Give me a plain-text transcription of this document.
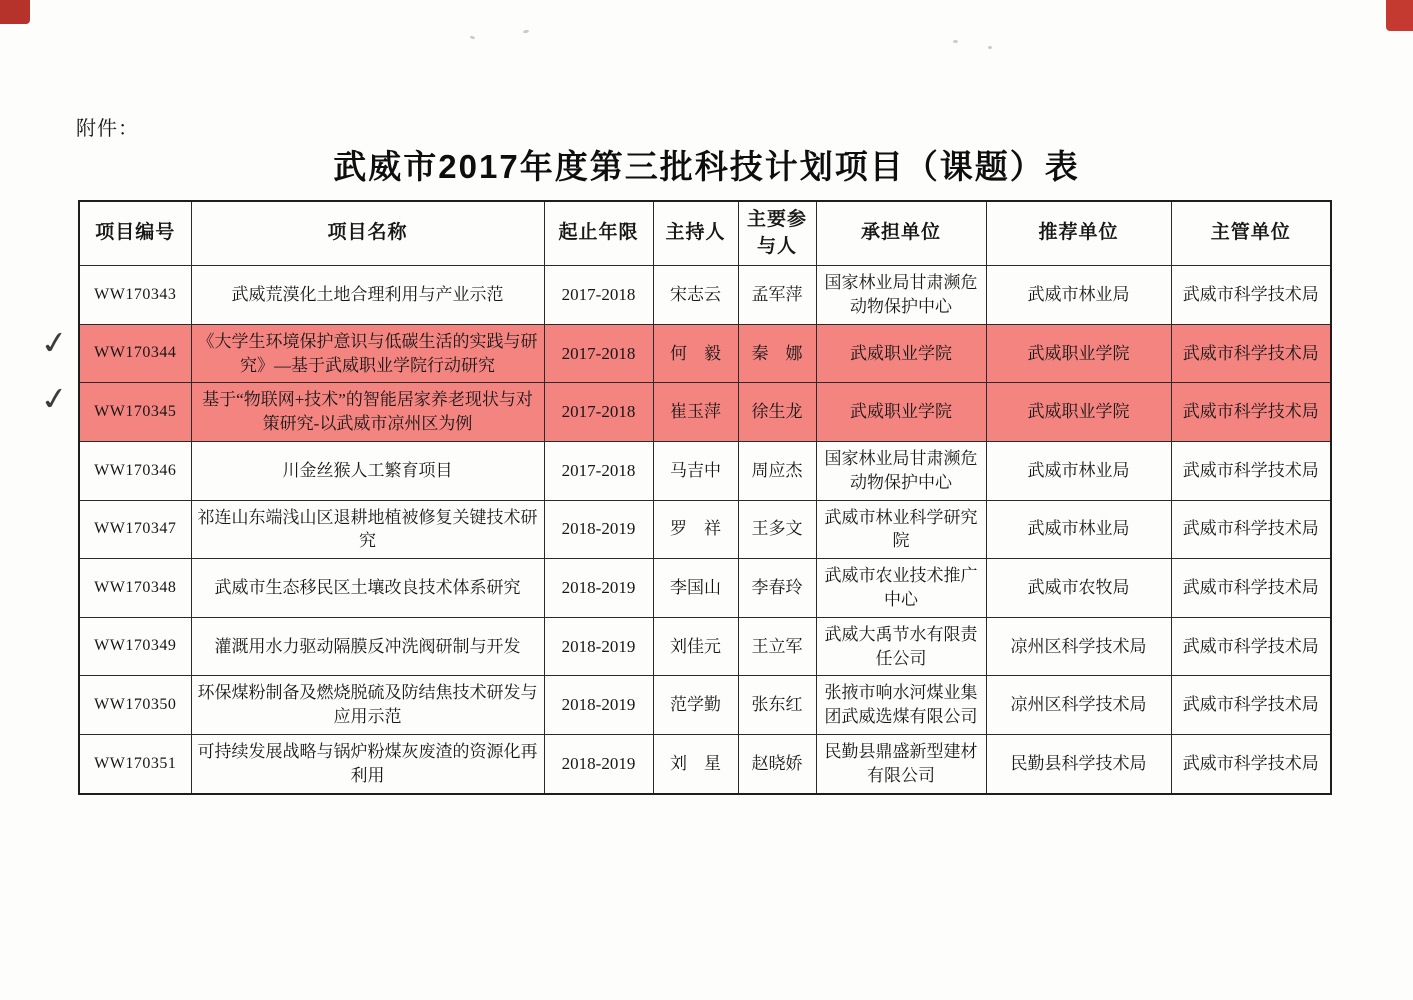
附件：
武威市2017年度第三批科技计划项目（课题）表
✓
✓
项目编号	项目名称	起止年限	主持人	主要参与人	承担单位	推荐单位	主管单位
WW170343	武威荒漠化土地合理利用与产业示范	2017-2018	宋志云	孟军萍	国家林业局甘肃濒危动物保护中心	武威市林业局	武威市科学技术局
WW170344	《大学生环境保护意识与低碳生活的实践与研究》—基于武威职业学院行动研究	2017-2018	何　毅	秦　娜	武威职业学院	武威职业学院	武威市科学技术局
WW170345	基于“物联网+技术”的智能居家养老现状与对策研究-以武威市凉州区为例	2017-2018	崔玉萍	徐生龙	武威职业学院	武威职业学院	武威市科学技术局
WW170346	川金丝猴人工繁育项目	2017-2018	马吉中	周应杰	国家林业局甘肃濒危动物保护中心	武威市林业局	武威市科学技术局
WW170347	祁连山东端浅山区退耕地植被修复关键技术研究	2018-2019	罗　祥	王多文	武威市林业科学研究院	武威市林业局	武威市科学技术局
WW170348	武威市生态移民区土壤改良技术体系研究	2018-2019	李国山	李春玲	武威市农业技术推广中心	武威市农牧局	武威市科学技术局
WW170349	灌溉用水力驱动隔膜反冲洗阀研制与开发	2018-2019	刘佳元	王立军	武威大禹节水有限责任公司	凉州区科学技术局	武威市科学技术局
WW170350	环保煤粉制备及燃烧脱硫及防结焦技术研发与应用示范	2018-2019	范学勤	张东红	张掖市响水河煤业集团武威选煤有限公司	凉州区科学技术局	武威市科学技术局
WW170351	可持续发展战略与锅炉粉煤灰废渣的资源化再利用	2018-2019	刘　星	赵晓娇	民勤县鼎盛新型建材有限公司	民勤县科学技术局	武威市科学技术局
